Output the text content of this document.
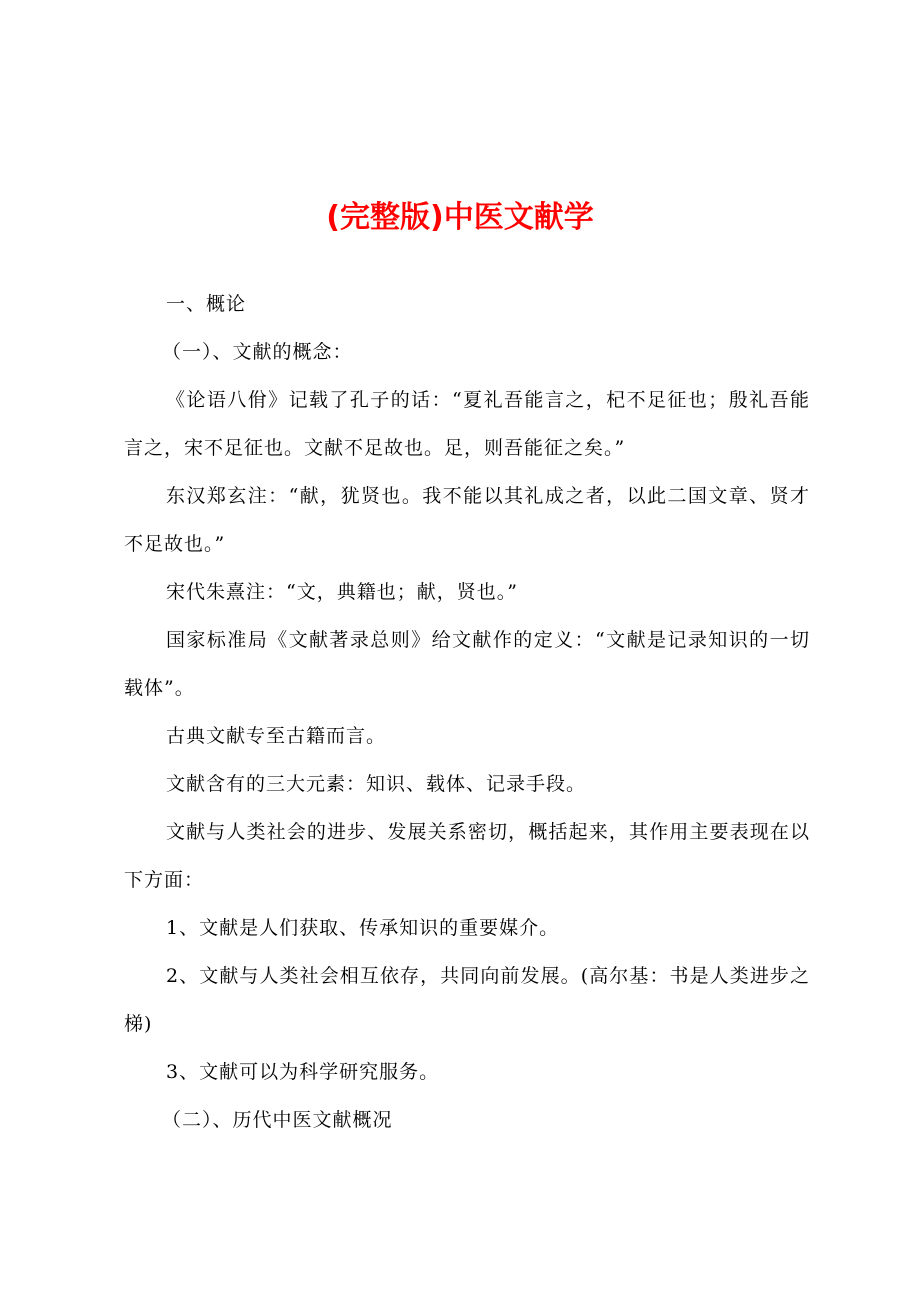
(完整版)中医文献学

一、概论

（一）、文献的概念：

《论语八佾》记载了孔子的话：“夏礼吾能言之，杞不足征也；殷礼吾能言之，宋不足征也。文献不足故也。足，则吾能征之矣。”

东汉郑玄注：“献，犹贤也。我不能以其礼成之者，以此二国文章、贤才不足故也。”

宋代朱熹注：“文，典籍也；献，贤也。”

国家标准局《文献著录总则》给文献作的定义：“文献是记录知识的一切载体”。

古典文献专至古籍而言。

文献含有的三大元素：知识、载体、记录手段。

文献与人类社会的进步、发展关系密切，概括起来，其作用主要表现在以下方面：

1、文献是人们获取、传承知识的重要媒介。

2、文献与人类社会相互依存，共同向前发展。(高尔基：书是人类进步之梯)

3、文献可以为科学研究服务。

（二）、历代中医文献概况
